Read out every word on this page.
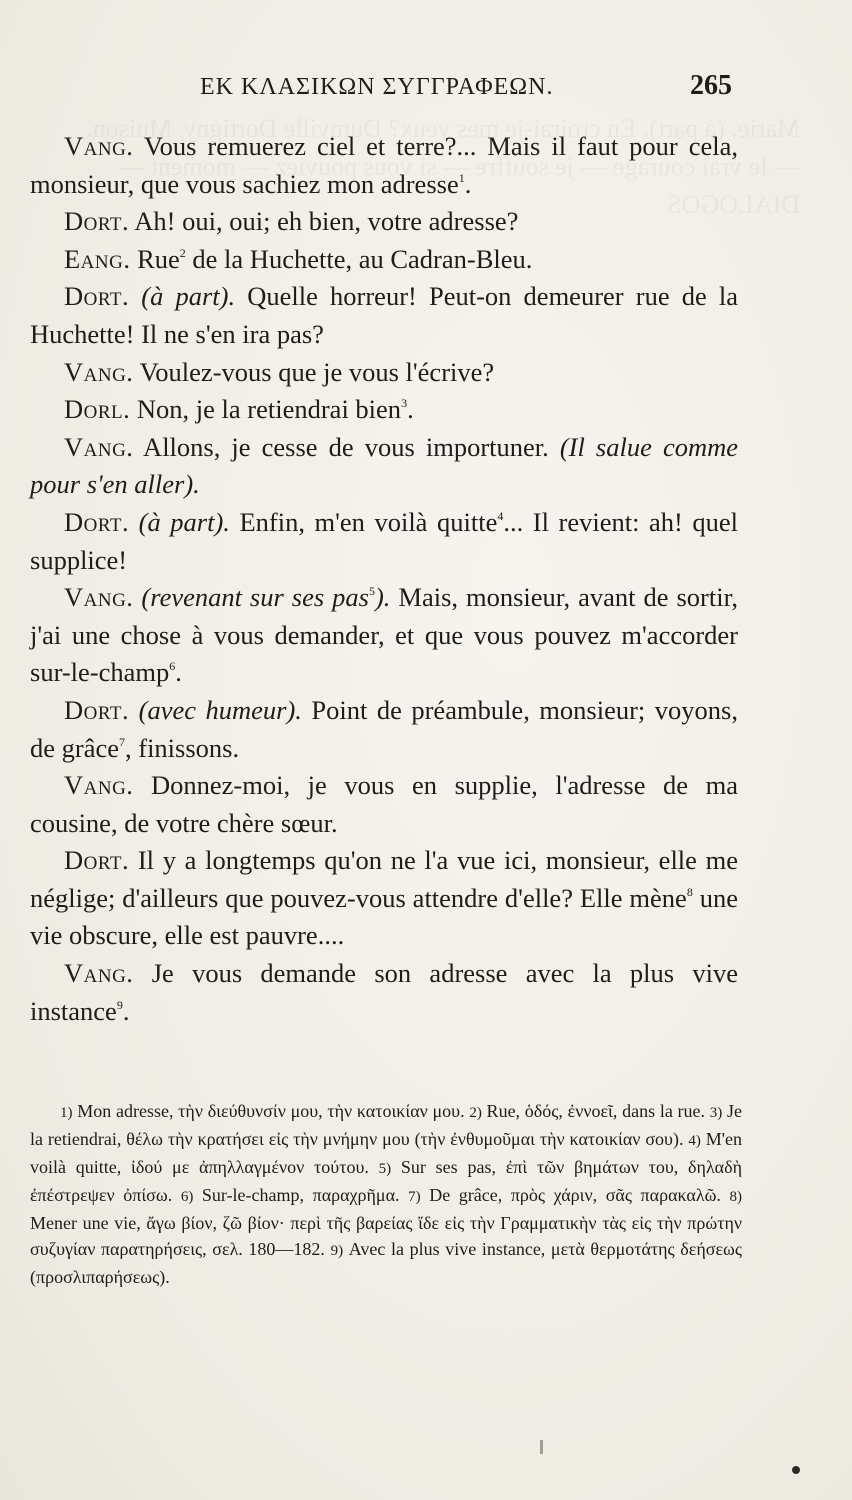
ΕΚ ΚΛΑΣΙΚΩΝ ΣΥΓΓΡΑΦΕΩΝ.	265

Vang. Vous remuerez ciel et terre?... Mais il faut pour cela, monsieur, que vous sachiez mon adresse$^1$.

Dort. Ah! oui, oui; eh bien, votre adresse?

Eang. Rue$^2$ de la Huchette, au Cadran-Bleu.

Dort. (à part). Quelle horreur! Peut-on demeurer rue de la Huchette! Il ne s'en ira pas?

Vang. Voulez-vous que je vous l'écrive?

Dorl. Non, je la retiendrai bien$^3$.

Vang. Allons, je cesse de vous importuner. (Il salue comme pour s'en aller).

Dort. (à part). Enfin, m'en voilà quitte$^4$... Il revient: ah! quel supplice!

Vang. (revenant sur ses pas$^5$). Mais, monsieur, avant de sortir, j'ai une chose à vous demander, et que vous pouvez m'accorder sur-le-champ$^6$.

Dort. (avec humeur). Point de préambule, monsieur; voyons, de grâce$^7$, finissons.

Vang. Donnez-moi, je vous en supplie, l'adresse de ma cousine, de votre chère sœur.

Dort. Il y a longtemps qu'on ne l'a vue ici, monsieur, elle me néglige; d'ailleurs que pouvez-vous attendre d'elle? Elle mène$^8$ une vie obscure, elle est pauvre....

Vang. Je vous demande son adresse avec la plus vive instance$^9$.

1) Mon adresse, τὴν διεύθυνσίν μου, τὴν κατοικίαν μου. 2) Rue, ὁδός, ἐννοεῖ, dans la rue. 3) Je la retiendrai, θέλω τὴν κρατήσει εἰς τὴν μνήμην μου (τὴν ἐνθυμοῦμαι τὴν κατοικίαν σου). 4) M'en voilà quitte, ἰδού με ἀπηλλαγμένον τούτου. 5) Sur ses pas, ἐπὶ τῶν βημάτων του, δηλαδὴ ἐπέστρεψεν ὀπίσω. 6) Sur-le-champ, παραχρῆμα. 7) De grâce, πρὸς χάριν, σᾶς παρακαλῶ. 8) Mener une vie, ἄγω βίον, ζῶ βίον· περὶ τῆς βαρείας ἴδε εἰς τὴν Γραμματικὴν τὰς εἰς τὴν πρώτην συζυγίαν παρατηρήσεις, σελ. 180—182. 9) Avec la plus vive instance, μετὰ θερμοτάτης δεήσεως (προσλιπαρήσεως).
